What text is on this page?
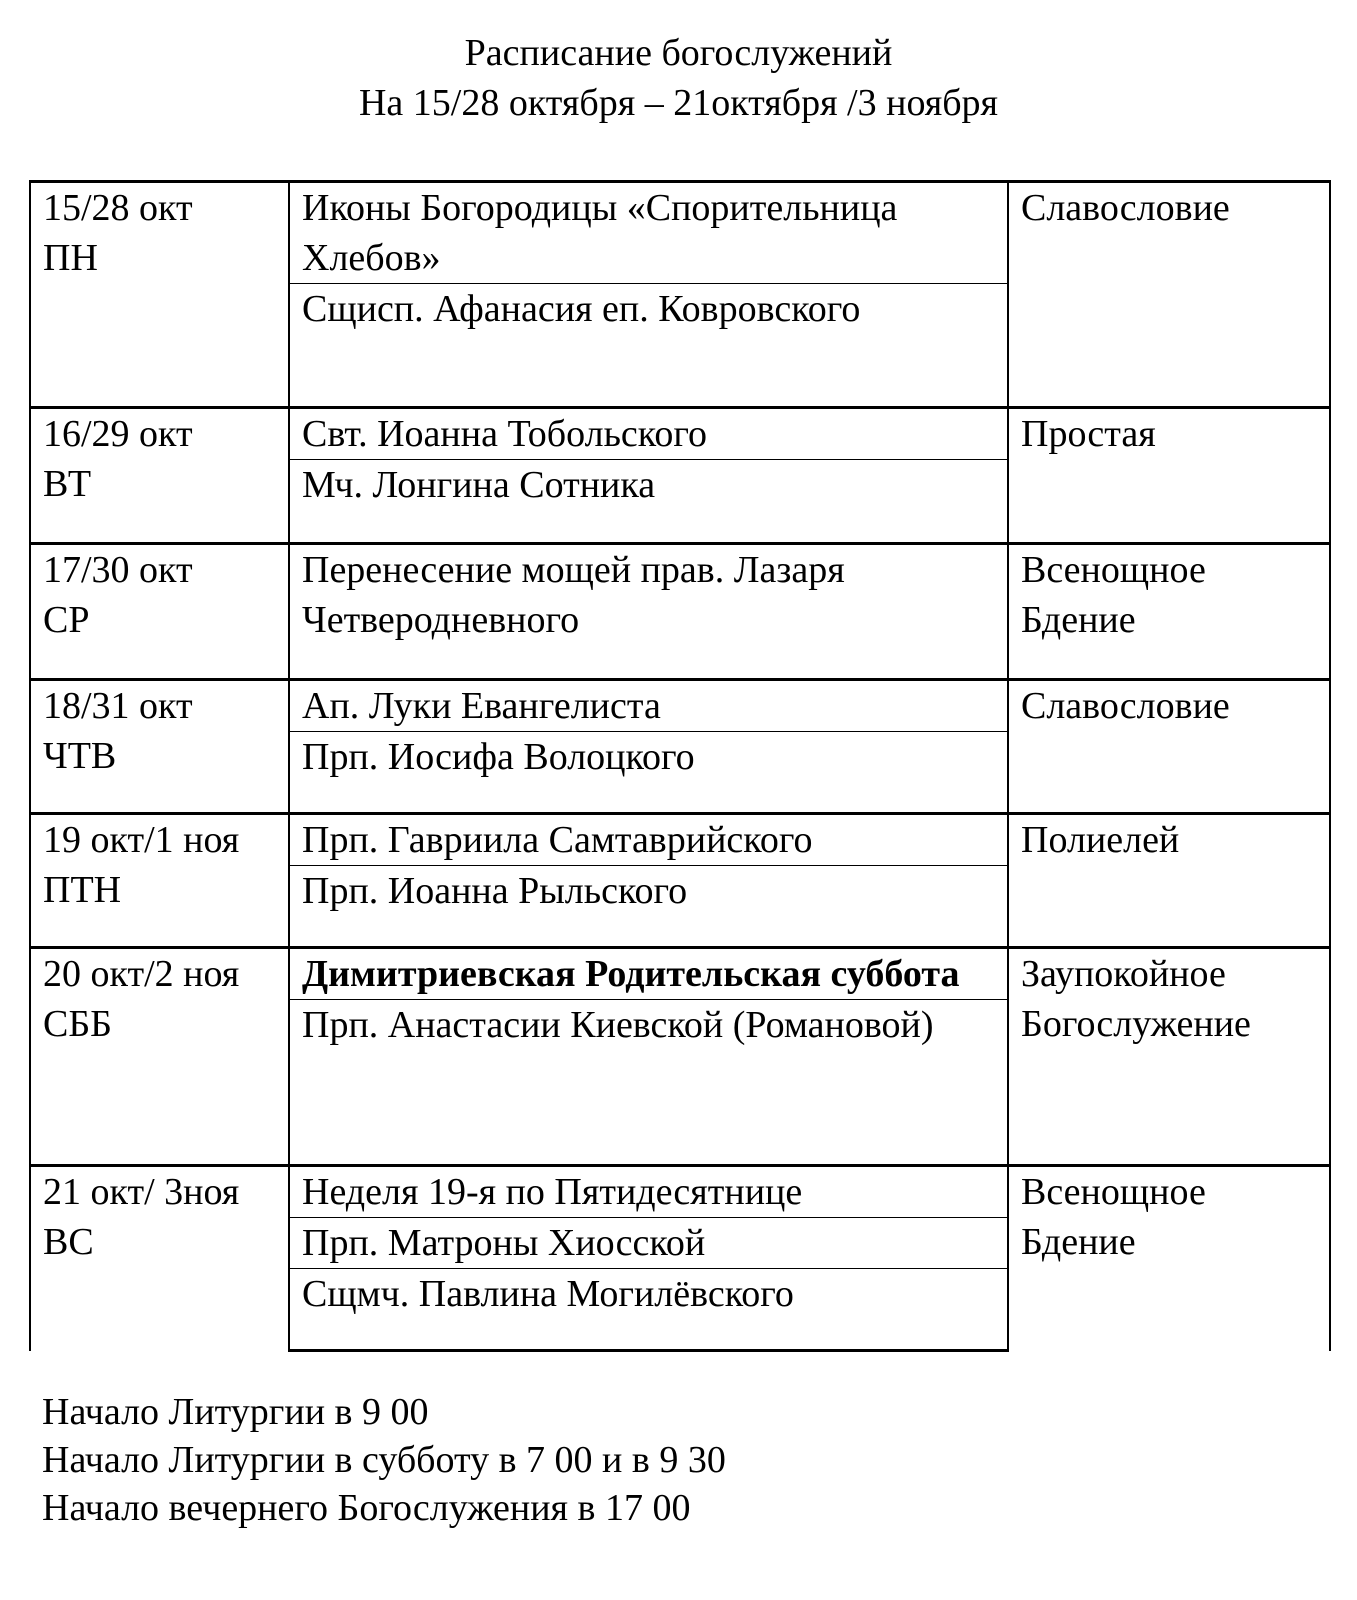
Расписание богослужений
На 15/28 октября – 21октября /3 ноября
15/28 окт
ПН	Иконы Богородицы «Спорительница Хлебов»	Славословие
	Сщисп. Афанасия еп. Ковровского	

16/29 окт
ВТ	Свт. Иоанна Тобольского	Простая
	Мч. Лонгина Сотника	

17/30 окт
СР	Перенесение мощей прав. Лазаря Четверодневного	Всенощное Бдение

18/31 окт
ЧТВ	Ап. Луки Евангелиста	Славословие
	Прп. Иосифа Волоцкого	

19 окт/1 ноя
ПТН	Прп. Гавриила Самтаврийского	Полиелей
	Прп. Иоанна Рыльского	

20 окт/2 ноя
СББ	Димитриевская Родительская суббота	Заупокойное Богослужение
	Прп. Анастасии Киевской (Романовой)	

21 окт/ 3ноя
ВС	Неделя 19-я по Пятидесятнице	Всенощное Бдение
	Прп. Матроны Хиосской	
	Сщмч. Павлина Могилёвского	
Начало Литургии в 9 00
Начало Литургии в субботу в 7 00 и в 9 30
Начало вечернего Богослужения в 17 00
